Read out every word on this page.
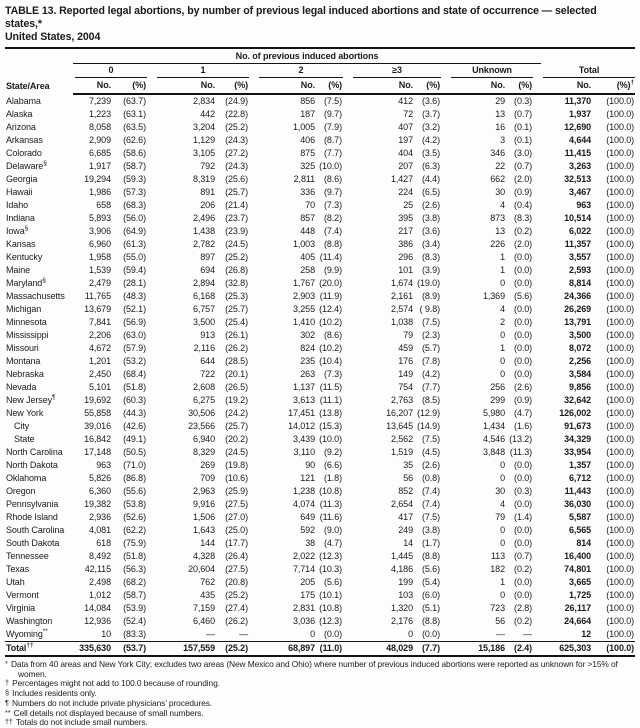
TABLE 13. Reported legal abortions, by number of previous legal induced abortions and state of occurrence — selected states,*
United States, 2004
State/Area	No. of previous induced abortions											

	0		1		2		≥3		Unknown		Total	

	No.	(%)	No.	(%)	No.	(%)	No.	(%)	No.	(%)	No.	(%)†
Alabama	7,239	(63.7)	2,834	(24.9)	856	(7.5)	412	(3.6)	29	(0.3)	11,370	(100.0)
Alaska	1,223	(63.1)	442	(22.8)	187	(9.7)	72	(3.7)	13	(0.7)	1,937	(100.0)
Arizona	8,058	(63.5)	3,204	(25.2)	1,005	(7.9)	407	(3.2)	16	(0.1)	12,690	(100.0)
Arkansas	2,909	(62.6)	1,129	(24.3)	406	(8.7)	197	(4.2)	3	(0.1)	4,644	(100.0)
Colorado	6,685	(58.6)	3,105	(27.2)	875	(7.7)	404	(3.5)	346	(3.0)	11,415	(100.0)
Delaware§	1,917	(58.7)	792	(24.3)	325	(10.0)	207	(6.3)	22	(0.7)	3,263	(100.0)
Georgia	19,294	(59.3)	8,319	(25.6)	2,811	(8.6)	1,427	(4.4)	662	(2.0)	32,513	(100.0)
Hawaii	1,986	(57.3)	891	(25.7)	336	(9.7)	224	(6.5)	30	(0.9)	3,467	(100.0)
Idaho	658	(68.3)	206	(21.4)	70	(7.3)	25	(2.6)	4	(0.4)	963	(100.0)
Indiana	5,893	(56.0)	2,496	(23.7)	857	(8.2)	395	(3.8)	873	(8.3)	10,514	(100.0)
Iowa§	3,906	(64.9)	1,438	(23.9)	448	(7.4)	217	(3.6)	13	(0.2)	6,022	(100.0)
Kansas	6,960	(61.3)	2,782	(24.5)	1,003	(8.8)	386	(3.4)	226	(2.0)	11,357	(100.0)
Kentucky	1,958	(55.0)	897	(25.2)	405	(11.4)	296	(8.3)	1	(0.0)	3,557	(100.0)
Maine	1,539	(59.4)	694	(26.8)	258	(9.9)	101	(3.9)	1	(0.0)	2,593	(100.0)
Maryland§	2,479	(28.1)	2,894	(32.8)	1,767	(20.0)	1,674	(19.0)	0	(0.0)	8,814	(100.0)
Massachusetts	11,765	(48.3)	6,168	(25.3)	2,903	(11.9)	2,161	(8.9)	1,369	(5.6)	24,366	(100.0)
Michigan	13,679	(52.1)	6,757	(25.7)	3,255	(12.4)	2,574	( 9.8)	4	(0.0)	26,269	(100.0)
Minnesota	7,841	(56.9)	3,500	(25.4)	1,410	(10.2)	1,038	(7.5)	2	(0.0)	13,791	(100.0)
Mississippi	2,206	(63.0)	913	(26.1)	302	(8.6)	79	(2.3)	0	(0.0)	3,500	(100.0)
Missouri	4,672	(57.9)	2,116	(26.2)	824	(10.2)	459	(5.7)	1	(0.0)	8,072	(100.0)
Montana	1,201	(53.2)	644	(28.5)	235	(10.4)	176	(7.8)	0	(0.0)	2,256	(100.0)
Nebraska	2,450	(68.4)	722	(20.1)	263	(7.3)	149	(4.2)	0	(0.0)	3,584	(100.0)
Nevada	5,101	(51.8)	2,608	(26.5)	1,137	(11.5)	754	(7.7)	256	(2.6)	9,856	(100.0)
New Jersey¶	19,692	(60.3)	6,275	(19.2)	3,613	(11.1)	2,763	(8.5)	299	(0.9)	32,642	(100.0)
New York	55,858	(44.3)	30,506	(24.2)	17,451	(13.8)	16,207	(12.9)	5,980	(4.7)	126,002	(100.0)
City	39,016	(42.6)	23,566	(25.7)	14,012	(15.3)	13,645	(14.9)	1,434	(1.6)	91,673	(100.0)
State	16,842	(49.1)	6,940	(20.2)	3,439	(10.0)	2,562	(7.5)	4,546	(13.2)	34,329	(100.0)
North Carolina	17,148	(50.5)	8,329	(24.5)	3,110	(9.2)	1,519	(4.5)	3,848	(11.3)	33,954	(100.0)
North Dakota	963	(71.0)	269	(19.8)	90	(6.6)	35	(2.6)	0	(0.0)	1,357	(100.0)
Oklahoma	5,826	(86.8)	709	(10.6)	121	(1.8)	56	(0.8)	0	(0.0)	6,712	(100.0)
Oregon	6,360	(55.6)	2,963	(25.9)	1,238	(10.8)	852	(7.4)	30	(0.3)	11,443	(100.0)
Pennsylvania	19,382	(53.8)	9,916	(27.5)	4,074	(11.3)	2,654	(7.4)	4	(0.0)	36,030	(100.0)
Rhode Island	2,936	(52.6)	1,506	(27.0)	649	(11.6)	417	(7.5)	79	(1.4)	5,587	(100.0)
South Carolina	4,081	(62.2)	1,643	(25.0)	592	(9.0)	249	(3.8)	0	(0.0)	6,565	(100.0)
South Dakota	618	(75.9)	144	(17.7)	38	(4.7)	14	(1.7)	0	(0.0)	814	(100.0)
Tennessee	8,492	(51.8)	4,328	(26.4)	2,022	(12.3)	1,445	(8.8)	113	(0.7)	16,400	(100.0)
Texas	42,115	(56.3)	20,604	(27.5)	7,714	(10.3)	4,186	(5.6)	182	(0.2)	74,801	(100.0)
Utah	2,498	(68.2)	762	(20.8)	205	(5.6)	199	(5.4)	1	(0.0)	3,665	(100.0)
Vermont	1,012	(58.7)	435	(25.2)	175	(10.1)	103	(6.0)	0	(0.0)	1,725	(100.0)
Virginia	14,084	(53.9)	7,159	(27.4)	2,831	(10.8)	1,320	(5.1)	723	(2.8)	26,117	(100.0)
Washington	12,936	(52.4)	6,460	(26.2)	3,036	(12.3)	2,176	(8.8)	56	(0.2)	24,664	(100.0)
Wyoming**	10	(83.3)	—	—	0	(0.0)	0	(0.0)	—	—	12	(100.0)
Total††	335,630	(53.7)	157,559	(25.2)	68,897	(11.0)	48,029	(7.7)	15,186	(2.4)	625,303	(100.0)
* Data from 40 areas and New York City; excludes two areas (New Mexico and Ohio) where number of previous induced abortions were reported as unknown for >15% of women.
† Percentages might not add to 100.0 because of rounding.
§ Includes residents only.
¶ Numbers do not include private physicians’ procedures.
** Cell details not displayed because of small numbers.
†† Totals do not include small numbers.
